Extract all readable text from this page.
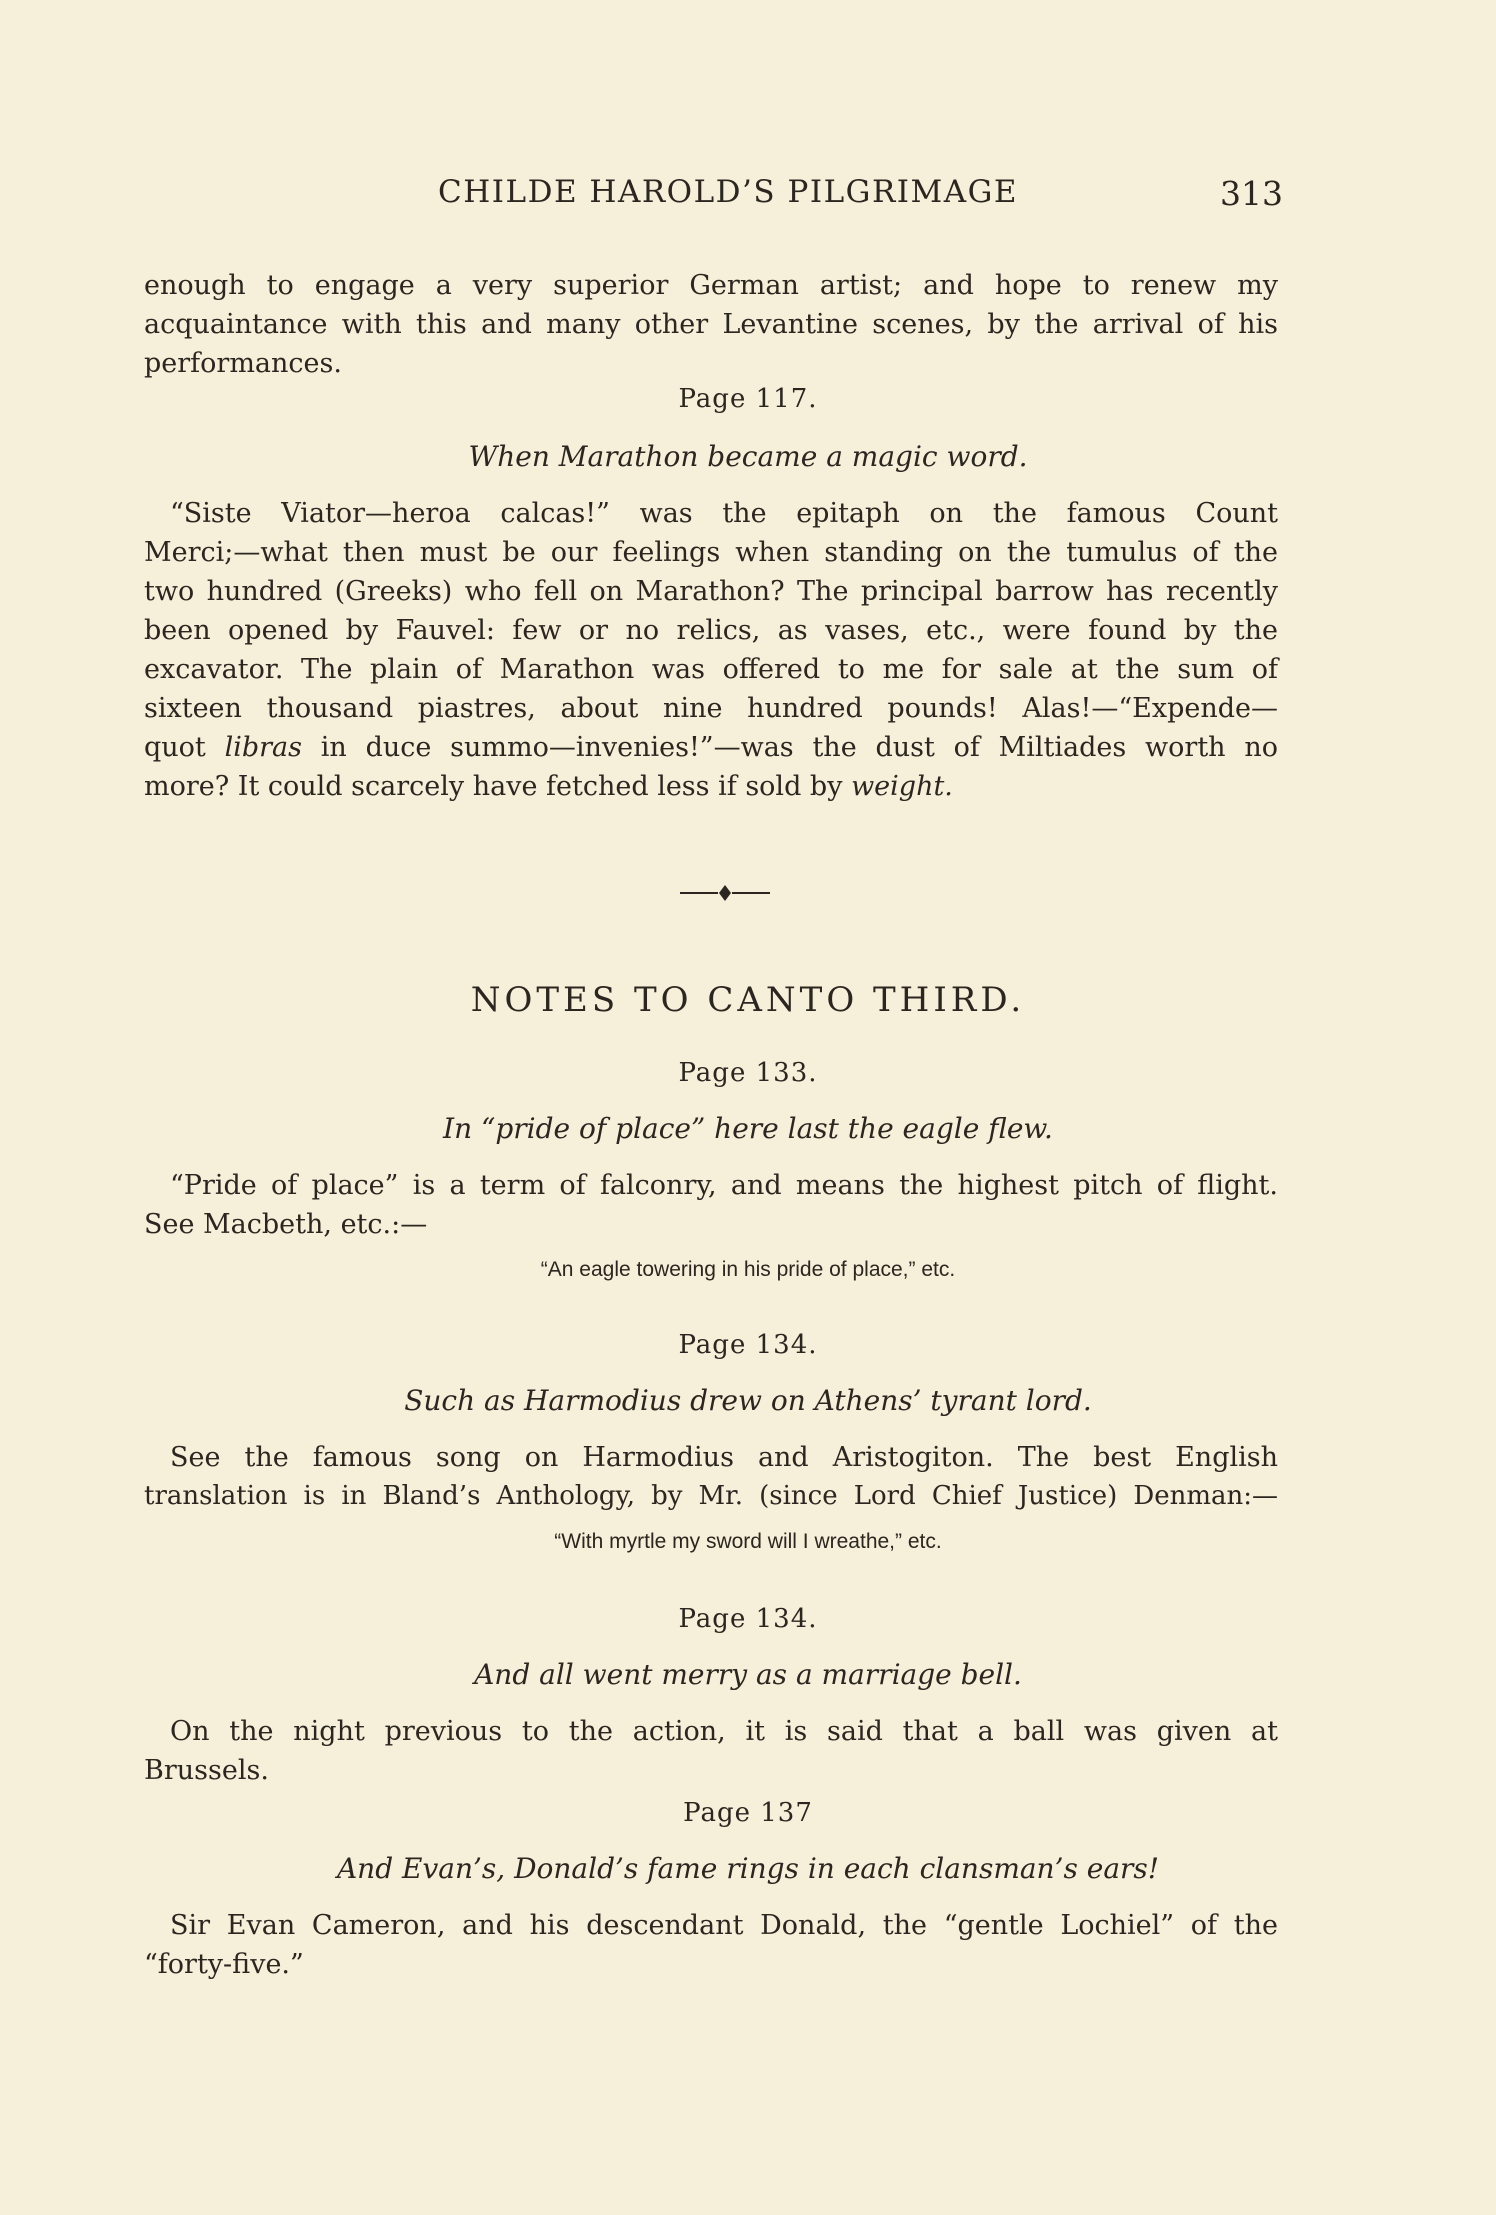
CHILDE HAROLD’S PILGRIMAGE	313

enough to engage a very superior German artist; and hope to renew my

acquaintance with this and many other Levantine scenes, by the arrival of his

performances.

Page 117.

When Marathon became a magic word.

“Siste Viator—heroa calcas!” was the epitaph on the famous Count

Merci;—what then must be our feelings when standing on the tumulus of the

two hundred (Greeks) who fell on Marathon? The principal barrow has recently

been opened by Fauvel: few or no relics, as vases, etc., were found by the

excavator. The plain of Marathon was offered to me for sale at the sum of

sixteen thousand piastres, about nine hundred pounds! Alas!—“Expende—

quot libras in duce summo—invenies!”—was the dust of Miltiades worth no

more? It could scarcely have fetched less if sold by weight.

NOTES TO CANTO THIRD.

Page 133.

In “pride of place” here last the eagle flew.

“Pride of place” is a term of falconry, and means the highest pitch of flight.

See Macbeth, etc.:—

“An eagle towering in his pride of place,” etc.

Page 134.

Such as Harmodius drew on Athens’ tyrant lord.

See the famous song on Harmodius and Aristogiton. The best English

translation is in Bland’s Anthology, by Mr. (since Lord Chief Justice) Denman:—

“With myrtle my sword will I wreathe,” etc.

Page 134.

And all went merry as a marriage bell.

On the night previous to the action, it is said that a ball was given at

Brussels.

Page 137

And Evan’s, Donald’s fame rings in each clansman’s ears!

Sir Evan Cameron, and his descendant Donald, the “gentle Lochiel” of the

“forty-five.”
